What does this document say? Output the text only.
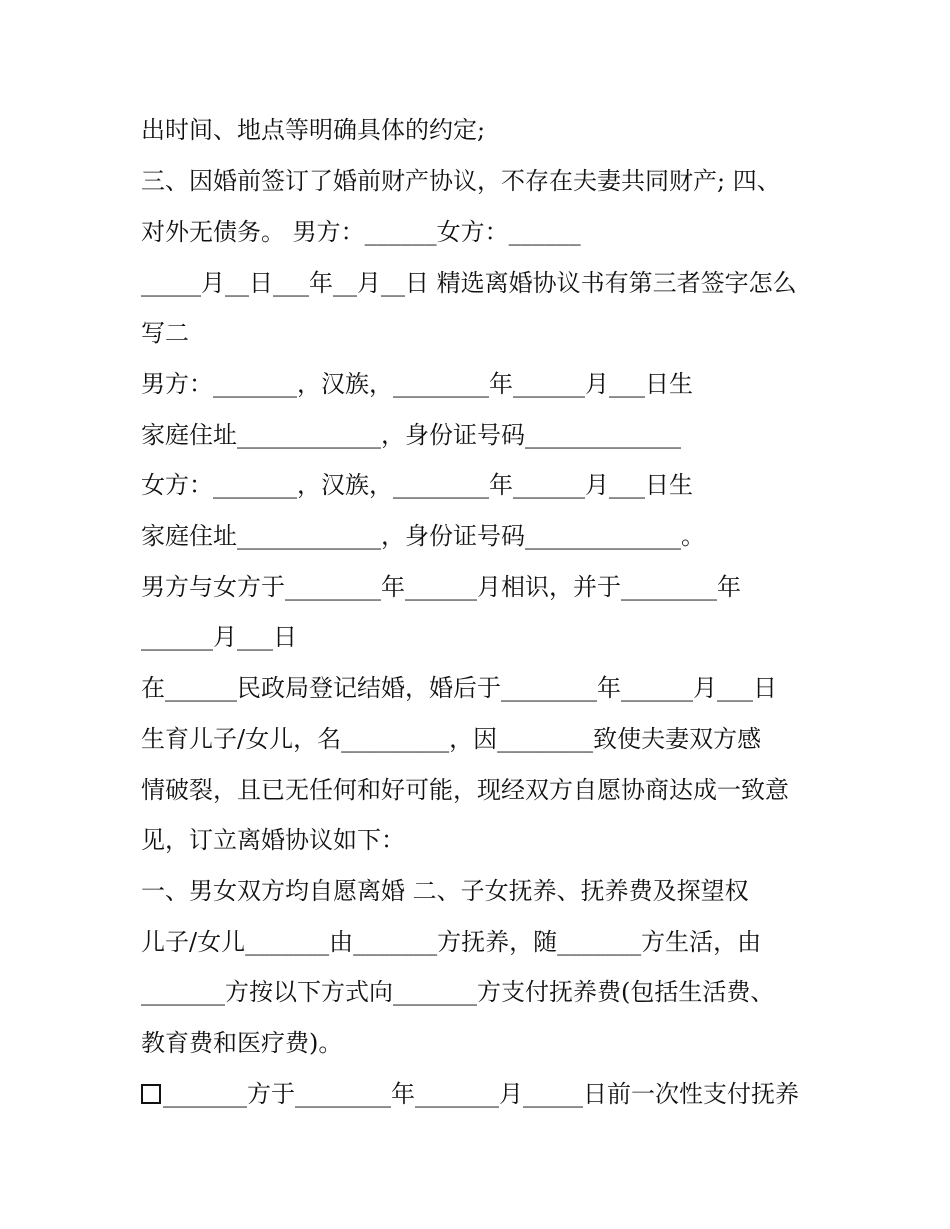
出时间、地点等明确具体的约定;
三、因婚前签订了婚前财产协议，不存在夫妻共同财产; 四、
对外无债务。 男方：______女方：______
_____月__日___年__月__日 精选离婚协议书有第三者签字怎么
写二
男方：_______，汉族，________年______月___日生
家庭住址____________，身份证号码_____________
女方：_______，汉族，________年______月___日生
家庭住址____________，身份证号码_____________。
男方与女方于________年______月相识，并于________年
______月___日
在______民政局登记结婚，婚后于________年______月___日
生育儿子/女儿，名_________，因________致使夫妻双方感
情破裂，且已无任何和好可能，现经双方自愿协商达成一致意
见，订立离婚协议如下：
一、男女双方均自愿离婚 二、子女抚养、抚养费及探望权
儿子/女儿_______由_______方抚养，随_______方生活，由
_______方按以下方式向_______方支付抚养费(包括生活费、
教育费和医疗费)。
_______方于________年_______月_____日前一次性支付抚养
